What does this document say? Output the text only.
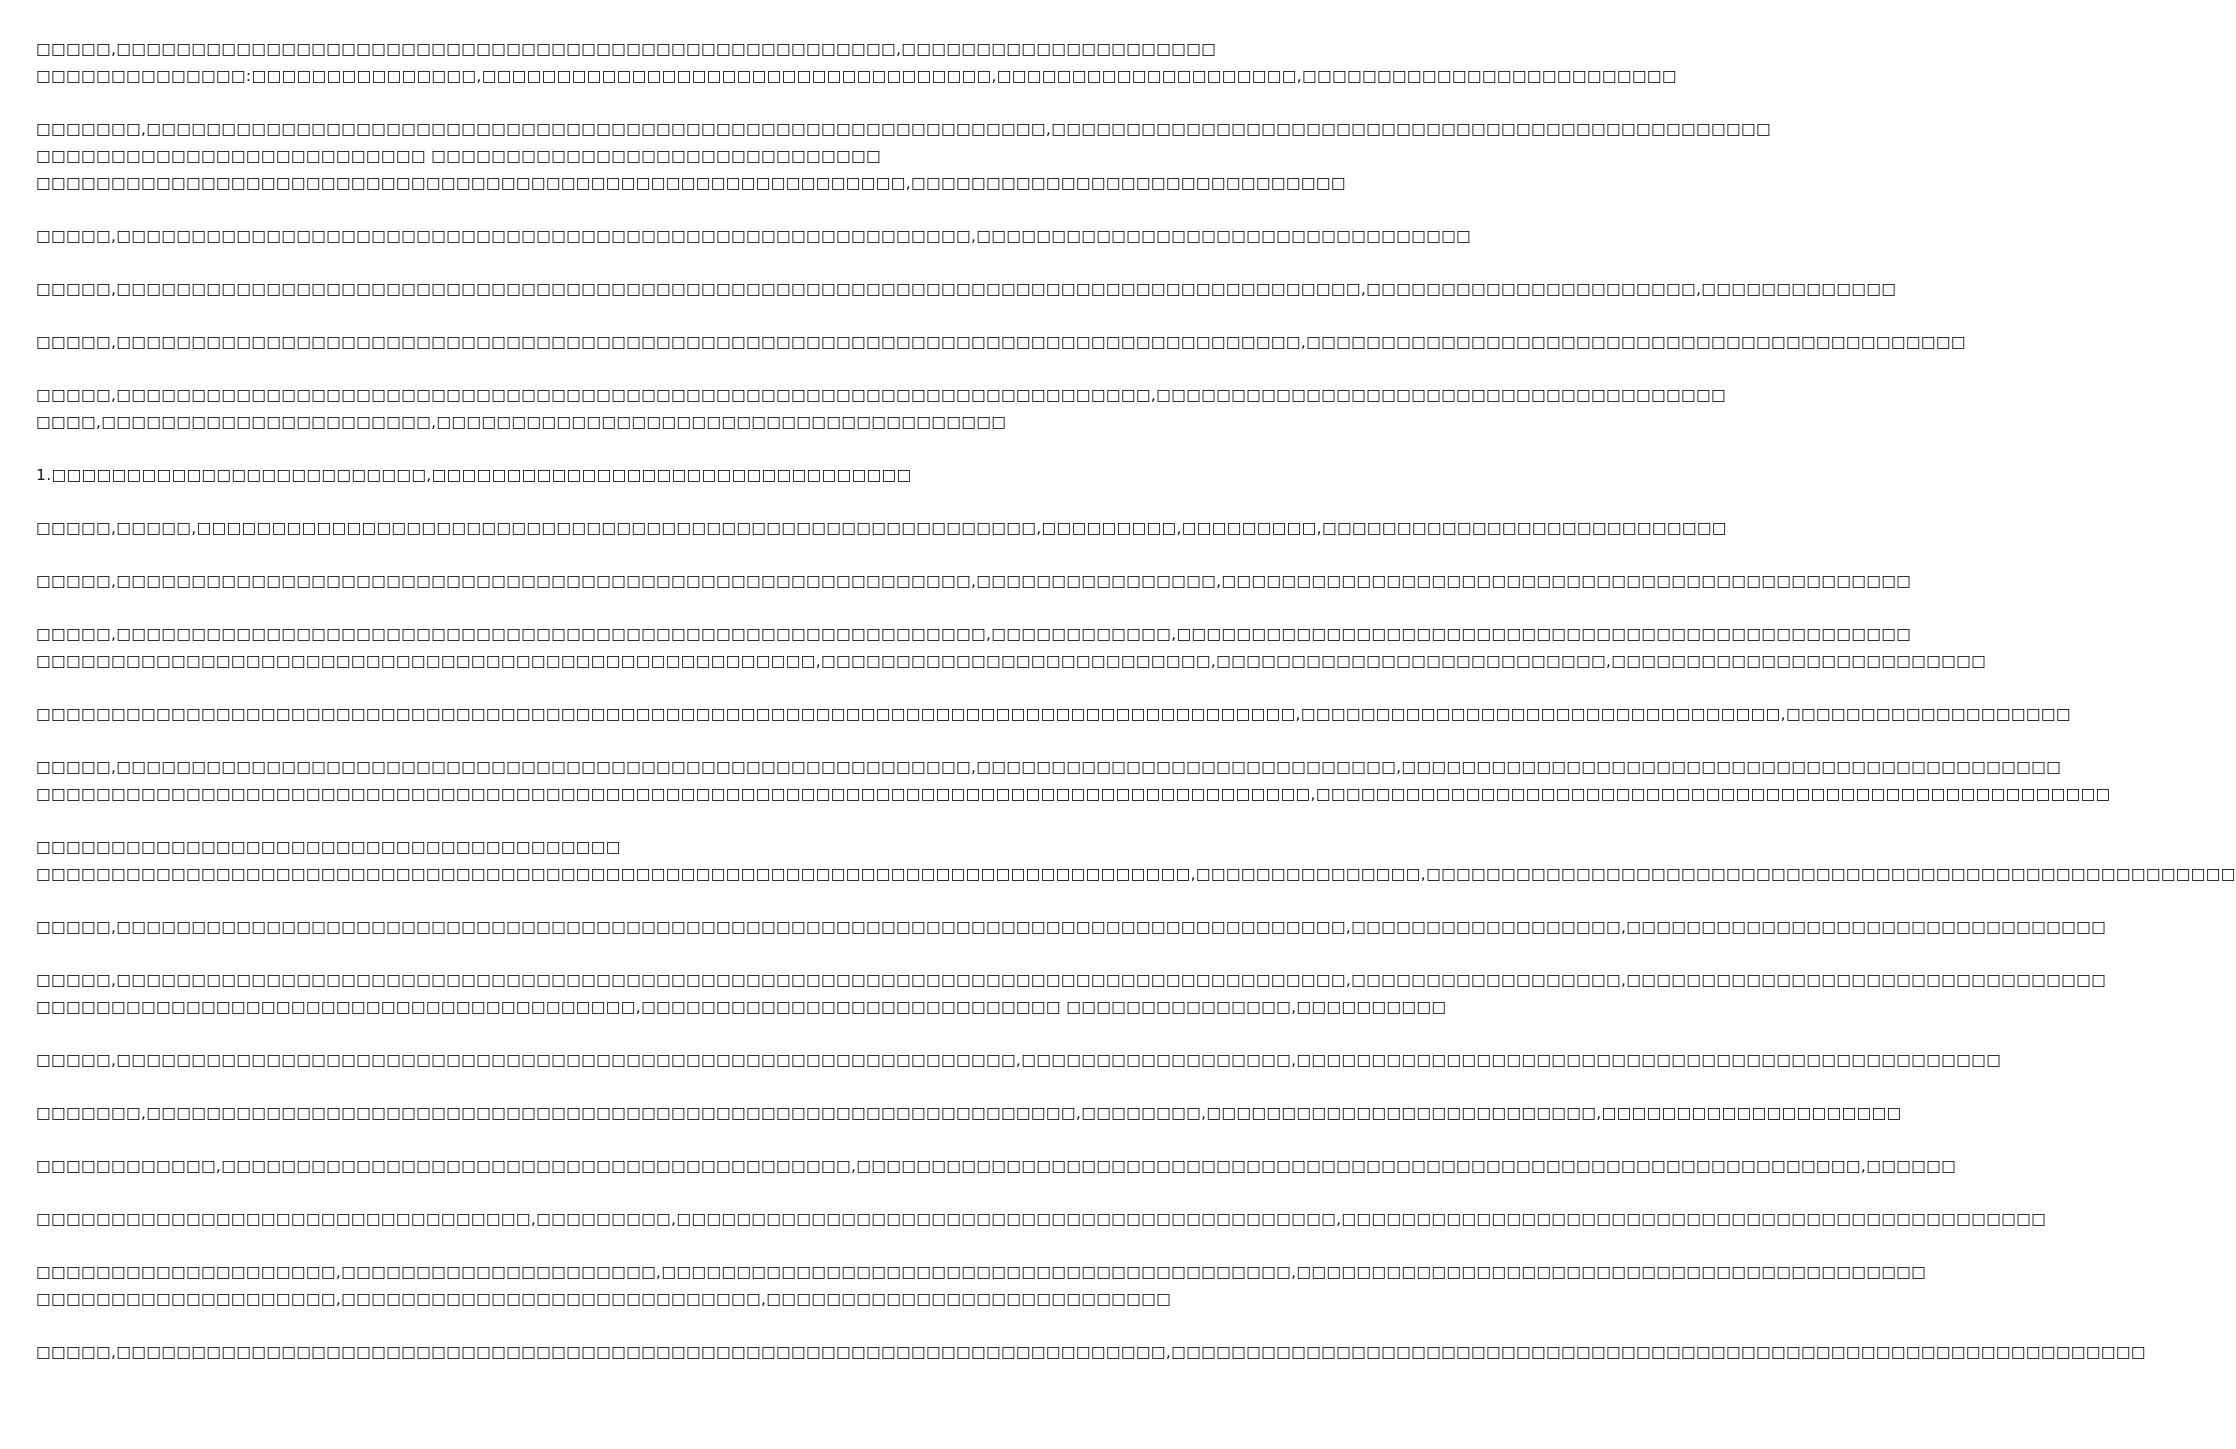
□□□□□,□□□□□□□□□□□□□□□□□□□□□□□□□□□□□□□□□□□□□□□□□□□□□□□□□□□□,□□□□□□□□□□□□□□□□□□□□□
□□□□□□□□□□□□□□:□□□□□□□□□□□□□□□,□□□□□□□□□□□□□□□□□□□□□□□□□□□□□□□□□□,□□□□□□□□□□□□□□□□□□□□,□□□□□□□□□□□□□□□□□□□□□□□□□
□□□□□□□,□□□□□□□□□□□□□□□□□□□□□□□□□□□□□□□□□□□□□□□□□□□□□□□□□□□□□□□□□□□□,□□□□□□□□□□□□□□□□□□□□□□□□□□□□□□□□□□□□□□□□□□□□□□□□
□□□□□□□□□□□□□□□□□□□□□□□□□□ □□□□□□□□□□□□□□□□□□□□□□□□□□□□□□
□□□□□□□□□□□□□□□□□□□□□□□□□□□□□□□□□□□□□□□□□□□□□□□□□□□□□□□□□□,□□□□□□□□□□□□□□□□□□□□□□□□□□□□□
□□□□□,□□□□□□□□□□□□□□□□□□□□□□□□□□□□□□□□□□□□□□□□□□□□□□□□□□□□□□□□□,□□□□□□□□□□□□□□□□□□□□□□□□□□□□□□□□□
□□□□□,□□□□□□□□□□□□□□□□□□□□□□□□□□□□□□□□□□□□□□□□□□□□□□□□□□□□□□□□□□□□□□□□□□□□□□□□□□□□□□□□□□□,□□□□□□□□□□□□□□□□□□□□□□,□□□□□□□□□□□□□
□□□□□,□□□□□□□□□□□□□□□□□□□□□□□□□□□□□□□□□□□□□□□□□□□□□□□□□□□□□□□□□□□□□□□□□□□□□□□□□□□□□□□,□□□□□□□□□□□□□□□□□□□□□□□□□□□□□□□□□□□□□□□□□□□□
□□□□□,□□□□□□□□□□□□□□□□□□□□□□□□□□□□□□□□□□□□□□□□□□□□□□□□□□□□□□□□□□□□□□□□□□□□□,□□□□□□□□□□□□□□□□□□□□□□□□□□□□□□□□□□□□□□
□□□□,□□□□□□□□□□□□□□□□□□□□□□,□□□□□□□□□□□□□□□□□□□□□□□□□□□□□□□□□□□□□□
1.□□□□□□□□□□□□□□□□□□□□□□□□□,□□□□□□□□□□□□□□□□□□□□□□□□□□□□□□□□
□□□□□,□□□□□,□□□□□□□□□□□□□□□□□□□□□□□□□□□□□□□□□□□□□□□□□□□□□□□□□□□□□□□□,□□□□□□□□□,□□□□□□□□□,□□□□□□□□□□□□□□□□□□□□□□□□□□□
□□□□□,□□□□□□□□□□□□□□□□□□□□□□□□□□□□□□□□□□□□□□□□□□□□□□□□□□□□□□□□□,□□□□□□□□□□□□□□□□,□□□□□□□□□□□□□□□□□□□□□□□□□□□□□□□□□□□□□□□□□□□□□□
□□□□□,□□□□□□□□□□□□□□□□□□□□□□□□□□□□□□□□□□□□□□□□□□□□□□□□□□□□□□□□□□,□□□□□□□□□□□□,□□□□□□□□□□□□□□□□□□□□□□□□□□□□□□□□□□□□□□□□□□□□□□□□□
□□□□□□□□□□□□□□□□□□□□□□□□□□□□□□□□□□□□□□□□□□□□□□□□□□□□,□□□□□□□□□□□□□□□□□□□□□□□□□□,□□□□□□□□□□□□□□□□□□□□□□□□□□,□□□□□□□□□□□□□□□□□□□□□□□□□
□□□□□□□□□□□□□□□□□□□□□□□□□□□□□□□□□□□□□□□□□□□□□□□□□□□□□□□□□□□□□□□□□□□□□□□□□□□□□□□□□□□□,□□□□□□□□□□□□□□□□□□□□□□□□□□□□□□□□,□□□□□□□□□□□□□□□□□□□
□□□□□,□□□□□□□□□□□□□□□□□□□□□□□□□□□□□□□□□□□□□□□□□□□□□□□□□□□□□□□□□,□□□□□□□□□□□□□□□□□□□□□□□□□□□□,□□□□□□□□□□□□□□□□□□□□□□□□□□□□□□□□□□□□□□□□□□□□
□□□□□□□□□□□□□□□□□□□□□□□□□□□□□□□□□□□□□□□□□□□□□□□□□□□□□□□□□□□□□□□□□□□□□□□□□□□□□□□□□□□□□,□□□□□□□□□□□□□□□□□□□□□□□□□□□□□□□□□□□□□□□□□□□□□□□□□□□□□
□□□□□□□□□□□□□□□□□□□□□□□□□□□□□□□□□□□□□□□
□□□□□□□□□□□□□□□□□□□□□□□□□□□□□□□□□□□□□□□□□□□□□□□□□□□□□□□□□□□□□□□□□□□□□□□□□□□□□,□□□□□□□□□□□□□□□,□□□□□□□□□□□□□□□□□□□□□□□□□□□□□□□□□□□□□□□□□□□□□□□□□□□□□□
□□□□□,□□□□□□□□□□□□□□□□□□□□□□□□□□□□□□□□□□□□□□□□□□□□□□□□□□□□□□□□□□□□□□□□□□□□□□□□□□□□□□□□□□,□□□□□□□□□□□□□□□□□□,□□□□□□□□□□□□□□□□□□□□□□□□□□□□□□□□
□□□□□,□□□□□□□□□□□□□□□□□□□□□□□□□□□□□□□□□□□□□□□□□□□□□□□□□□□□□□□□□□□□□□□□□□□□□□□□□□□□□□□□□□,□□□□□□□□□□□□□□□□□□,□□□□□□□□□□□□□□□□□□□□□□□□□□□□□□□□
□□□□□□□□□□□□□□□□□□□□□□□□□□□□□□□□□□□□□□□□,□□□□□□□□□□□□□□□□□□□□□□□□□□□□ □□□□□□□□□□□□□□□,□□□□□□□□□□
□□□□□,□□□□□□□□□□□□□□□□□□□□□□□□□□□□□□□□□□□□□□□□□□□□□□□□□□□□□□□□□□□□,□□□□□□□□□□□□□□□□□□,□□□□□□□□□□□□□□□□□□□□□□□□□□□□□□□□□□□□□□□□□□□□□□□
□□□□□□□,□□□□□□□□□□□□□□□□□□□□□□□□□□□□□□□□□□□□□□□□□□□□□□□□□□□□□□□□□□□□□□,□□□□□□□□,□□□□□□□□□□□□□□□□□□□□□□□□□□,□□□□□□□□□□□□□□□□□□□□
□□□□□□□□□□□□,□□□□□□□□□□□□□□□□□□□□□□□□□□□□□□□□□□□□□□□□□□,□□□□□□□□□□□□□□□□□□□□□□□□□□□□□□□□□□□□□□□□□□□□□□□□□□□□□□□□□□□□□□□□□□□,□□□□□□
□□□□□□□□□□□□□□□□□□□□□□□□□□□□□□□□□,□□□□□□□□□,□□□□□□□□□□□□□□□□□□□□□□□□□□□□□□□□□□□□□□□□□□□□,□□□□□□□□□□□□□□□□□□□□□□□□□□□□□□□□□□□□□□□□□□□□□□□
□□□□□□□□□□□□□□□□□□□□,□□□□□□□□□□□□□□□□□□□□□,□□□□□□□□□□□□□□□□□□□□□□□□□□□□□□□□□□□□□□□□□□,□□□□□□□□□□□□□□□□□□□□□□□□□□□□□□□□□□□□□□□□□□
□□□□□□□□□□□□□□□□□□□□,□□□□□□□□□□□□□□□□□□□□□□□□□□□□,□□□□□□□□□□□□□□□□□□□□□□□□□□□
□□□□□,□□□□□□□□□□□□□□□□□□□□□□□□□□□□□□□□□□□□□□□□□□□□□□□□□□□□□□□□□□□□□□□□□□□□□□,□□□□□□□□□□□□□□□□□□□□□□□□□□□□□□□□□□□□□□□□□□□□□□□□□□□□□□□□□□□□□□□□□
